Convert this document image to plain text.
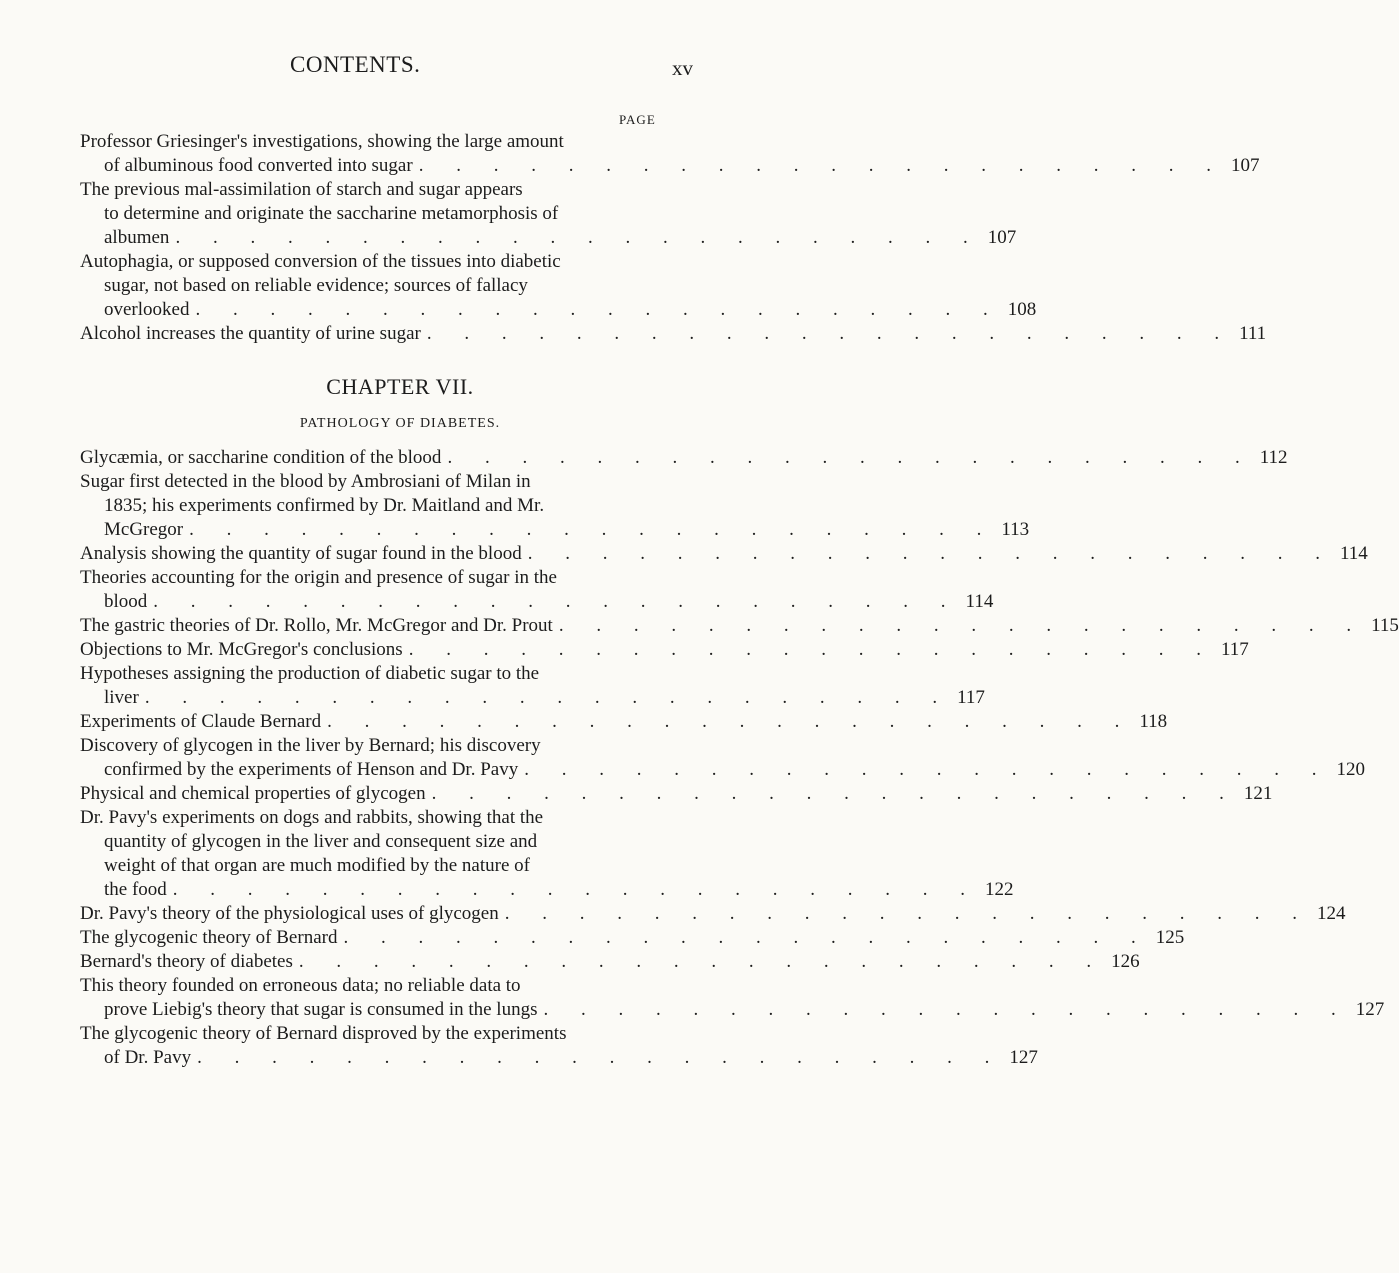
CONTENTS.	xv
PAGE
Professor Griesinger's investigations, showing the large amount
of albuminous food converted into sugar . . . . . . . . . . . . . . . . . . . . . . 107
The previous mal-assimilation of starch and sugar appears
to determine and originate the saccharine metamorphosis of
albumen . . . . . . . . . . . . . . . . . . . . . . 107
Autophagia, or supposed conversion of the tissues into diabetic
sugar, not based on reliable evidence; sources of fallacy
overlooked . . . . . . . . . . . . . . . . . . . . . . 108
Alcohol increases the quantity of urine sugar . . . . . . . . . . . . . . . . . . . . . . 111
CHAPTER VII.
PATHOLOGY OF DIABETES.
Glycæmia, or saccharine condition of the blood . . . . . . . . . . . . . . . . . . . . . . 112
Sugar first detected in the blood by Ambrosiani of Milan in
1835; his experiments confirmed by Dr. Maitland and Mr.
McGregor . . . . . . . . . . . . . . . . . . . . . . 113
Analysis showing the quantity of sugar found in the blood . . . . . . . . . . . . . . . . . . . . . . 114
Theories accounting for the origin and presence of sugar in the
blood . . . . . . . . . . . . . . . . . . . . . . 114
The gastric theories of Dr. Rollo, Mr. McGregor and Dr. Prout . . . . . . . . . . . . . . . . . . . . . . 115
Objections to Mr. McGregor's conclusions . . . . . . . . . . . . . . . . . . . . . . 117
Hypotheses assigning the production of diabetic sugar to the
liver . . . . . . . . . . . . . . . . . . . . . . 117
Experiments of Claude Bernard . . . . . . . . . . . . . . . . . . . . . . 118
Discovery of glycogen in the liver by Bernard; his discovery
confirmed by the experiments of Henson and Dr. Pavy . . . . . . . . . . . . . . . . . . . . . . 120
Physical and chemical properties of glycogen . . . . . . . . . . . . . . . . . . . . . . 121
Dr. Pavy's experiments on dogs and rabbits, showing that the
quantity of glycogen in the liver and consequent size and
weight of that organ are much modified by the nature of
the food . . . . . . . . . . . . . . . . . . . . . . 122
Dr. Pavy's theory of the physiological uses of glycogen . . . . . . . . . . . . . . . . . . . . . . 124
The glycogenic theory of Bernard . . . . . . . . . . . . . . . . . . . . . . 125
Bernard's theory of diabetes . . . . . . . . . . . . . . . . . . . . . . 126
This theory founded on erroneous data; no reliable data to
prove Liebig's theory that sugar is consumed in the lungs . . . . . . . . . . . . . . . . . . . . . . 127
The glycogenic theory of Bernard disproved by the experiments
of Dr. Pavy . . . . . . . . . . . . . . . . . . . . . . 127
